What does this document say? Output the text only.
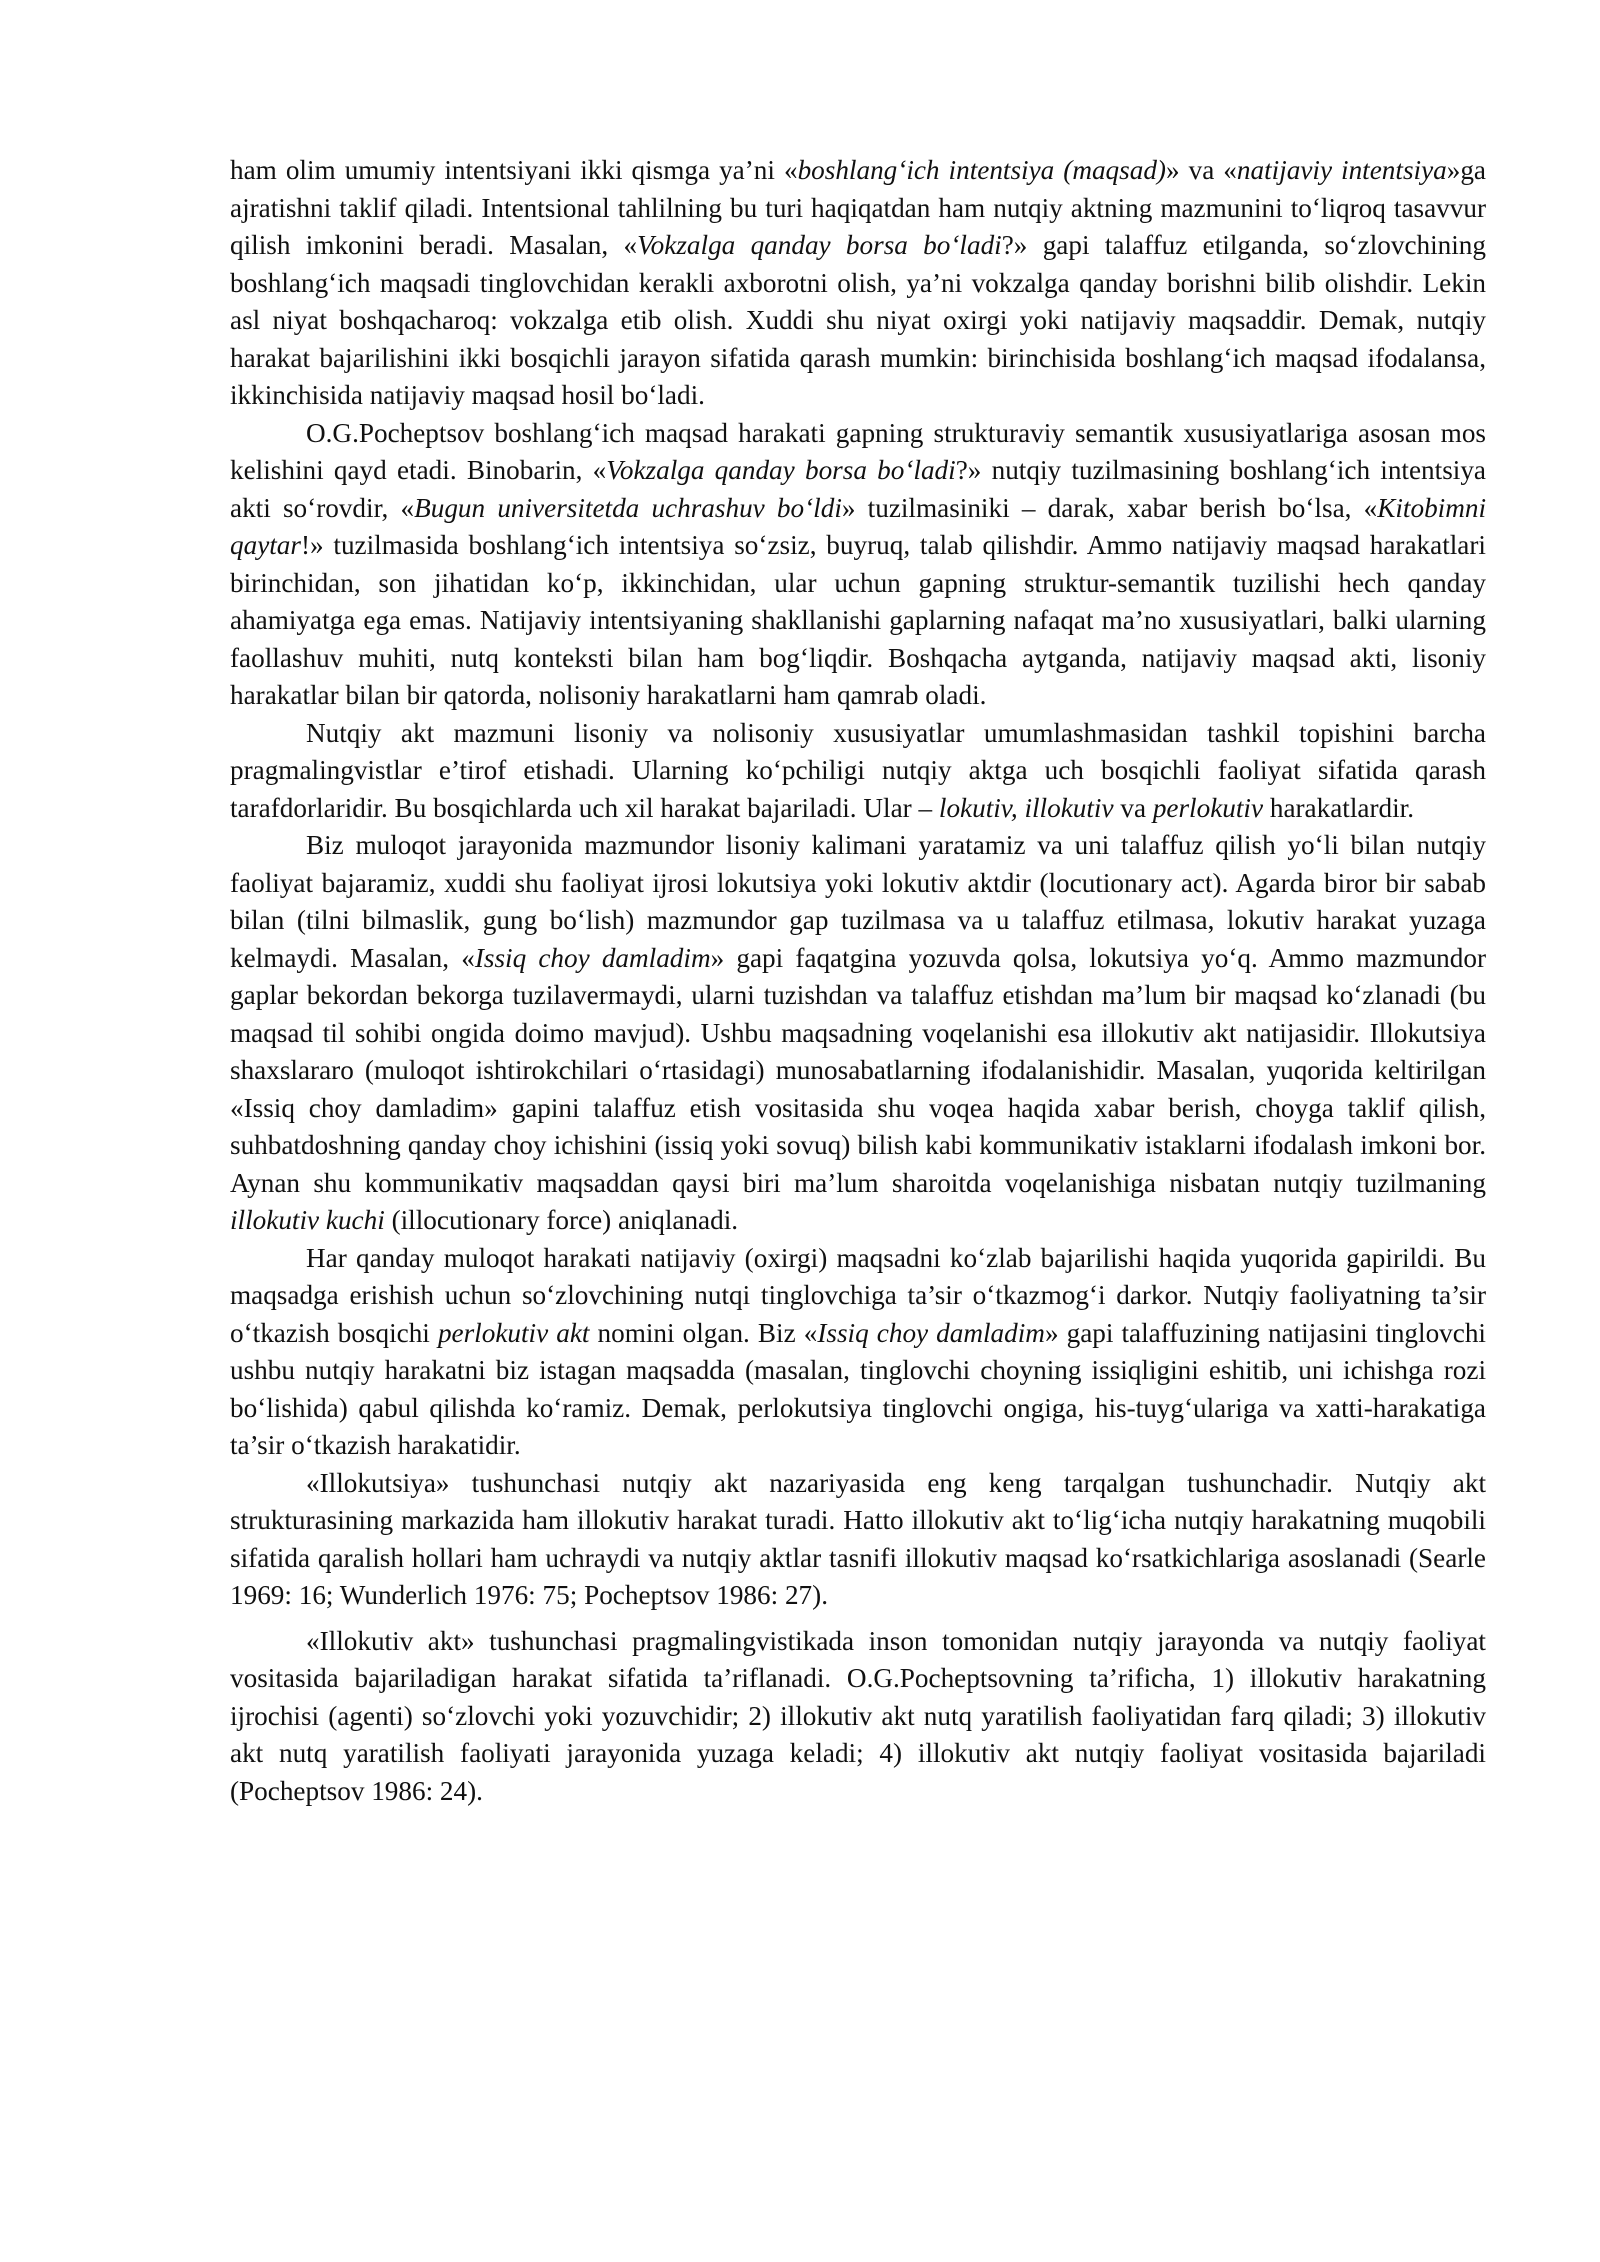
ham olim umumiy intentsiyani ikki qismga ya’ni «boshlang‘ich intentsiya (maqsad)» va «natijaviy intentsiya»ga ajratishni taklif qiladi. Intentsional tahlilning bu turi haqiqatdan ham nutqiy aktning mazmunini to‘liqroq tasavvur qilish imkonini beradi. Masalan, «Vokzalga qanday borsa bo‘ladi?» gapi talaffuz etilganda, so‘zlovchining boshlang‘ich maqsadi tinglovchidan kerakli axborotni olish, ya’ni vokzalga qanday borishni bilib olishdir. Lekin asl niyat boshqacharoq: vokzalga etib olish. Xuddi shu niyat oxirgi yoki natijaviy maqsaddir. Demak, nutqiy harakat bajarilishini ikki bosqichli jarayon sifatida qarash mumkin: birinchisida boshlang‘ich maqsad ifodalansa, ikkinchisida natijaviy maqsad hosil bo‘ladi.

O.G.Pocheptsov boshlang‘ich maqsad harakati gapning strukturaviy semantik xususiyatlariga asosan mos kelishini qayd etadi. Binobarin, «Vokzalga qanday borsa bo‘ladi?» nutqiy tuzilmasining boshlang‘ich intentsiya akti so‘rovdir, «Bugun universitetda uchrashuv bo‘ldi» tuzilmasiniki – darak, xabar berish bo‘lsa, «Kitobimni qaytar!» tuzilmasida boshlang‘ich intentsiya so‘zsiz, buyruq, talab qilishdir. Ammo natijaviy maqsad harakatlari birinchidan, son jihatidan ko‘p, ikkinchidan, ular uchun gapning struktur-semantik tuzilishi hech qanday ahamiyatga ega emas. Natijaviy intentsiyaning shakllanishi gaplarning nafaqat ma’no xususiyatlari, balki ularning faollashuv muhiti, nutq konteksti bilan ham bog‘liqdir. Boshqacha aytganda, natijaviy maqsad akti, lisoniy harakatlar bilan bir qatorda, nolisoniy harakatlarni ham qamrab oladi.

Nutqiy akt mazmuni lisoniy va nolisoniy xususiyatlar umumlashmasidan tashkil topishini barcha pragmalingvistlar e’tirof etishadi. Ularning ko‘pchiligi nutqiy aktga uch bosqichli faoliyat sifatida qarash tarafdorlaridir. Bu bosqichlarda uch xil harakat bajariladi. Ular – lokutiv, illokutiv va perlokutiv harakatlardir.

Biz muloqot jarayonida mazmundor lisoniy kalimani yaratamiz va uni talaffuz qilish yo‘li bilan nutqiy faoliyat bajaramiz, xuddi shu faoliyat ijrosi lokutsiya yoki lokutiv aktdir (locutionary act). Agarda biror bir sabab bilan (tilni bilmaslik, gung bo‘lish) mazmundor gap tuzilmasa va u talaffuz etilmasa, lokutiv harakat yuzaga kelmaydi. Masalan, «Issiq choy damladim» gapi faqatgina yozuvda qolsa, lokutsiya yo‘q. Ammo mazmundor gaplar bekordan bekorga tuzilavermaydi, ularni tuzishdan va talaffuz etishdan ma’lum bir maqsad ko‘zlanadi (bu maqsad til sohibi ongida doimo mavjud). Ushbu maqsadning voqelanishi esa illokutiv akt natijasidir. Illokutsiya shaxslararo (muloqot ishtirokchilari o‘rtasidagi) munosabatlarning ifodalanishidir. Masalan, yuqorida keltirilgan «Issiq choy damladim» gapini talaffuz etish vositasida shu voqea haqida xabar berish, choyga taklif qilish, suhbatdoshning qanday choy ichishini (issiq yoki sovuq) bilish kabi kommunikativ istaklarni ifodalash imkoni bor. Aynan shu kommunikativ maqsaddan qaysi biri ma’lum sharoitda voqelanishiga nisbatan nutqiy tuzilmaning illokutiv kuchi (illocutionary force) aniqlanadi.

Har qanday muloqot harakati natijaviy (oxirgi) maqsadni ko‘zlab bajarilishi haqida yuqorida gapirildi. Bu maqsadga erishish uchun so‘zlovchining nutqi tinglovchiga ta’sir o‘tkazmog‘i darkor. Nutqiy faoliyatning ta’sir o‘tkazish bosqichi perlokutiv akt nomini olgan. Biz «Issiq choy damladim» gapi talaffuzining natijasini tinglovchi ushbu nutqiy harakatni biz istagan maqsadda (masalan, tinglovchi choyning issiqligini eshitib, uni ichishga rozi bo‘lishida) qabul qilishda ko‘ramiz. Demak, perlokutsiya tinglovchi ongiga, his-tuyg‘ulariga va xatti-harakatiga ta’sir o‘tkazish harakatidir.

«Illokutsiya» tushunchasi nutqiy akt nazariyasida eng keng tarqalgan tushunchadir. Nutqiy akt strukturasining markazida ham illokutiv harakat turadi. Hatto illokutiv akt to‘lig‘icha nutqiy harakatning muqobili sifatida qaralish hollari ham uchraydi va nutqiy aktlar tasnifi illokutiv maqsad ko‘rsatkichlariga asoslanadi (Searle 1969: 16; Wunderlich 1976: 75; Pocheptsov 1986: 27).

«Illokutiv akt» tushunchasi pragmalingvistikada inson tomonidan nutqiy jarayonda va nutqiy faoliyat vositasida bajariladigan harakat sifatida ta’riflanadi. O.G.Pocheptsovning ta’rificha, 1) illokutiv harakatning ijrochisi (agenti) so‘zlovchi yoki yozuvchidir; 2) illokutiv akt nutq yaratilish faoliyatidan farq qiladi; 3) illokutiv akt nutq yaratilish faoliyati jarayonida yuzaga keladi; 4) illokutiv akt nutqiy faoliyat vositasida bajariladi (Pocheptsov 1986: 24).
